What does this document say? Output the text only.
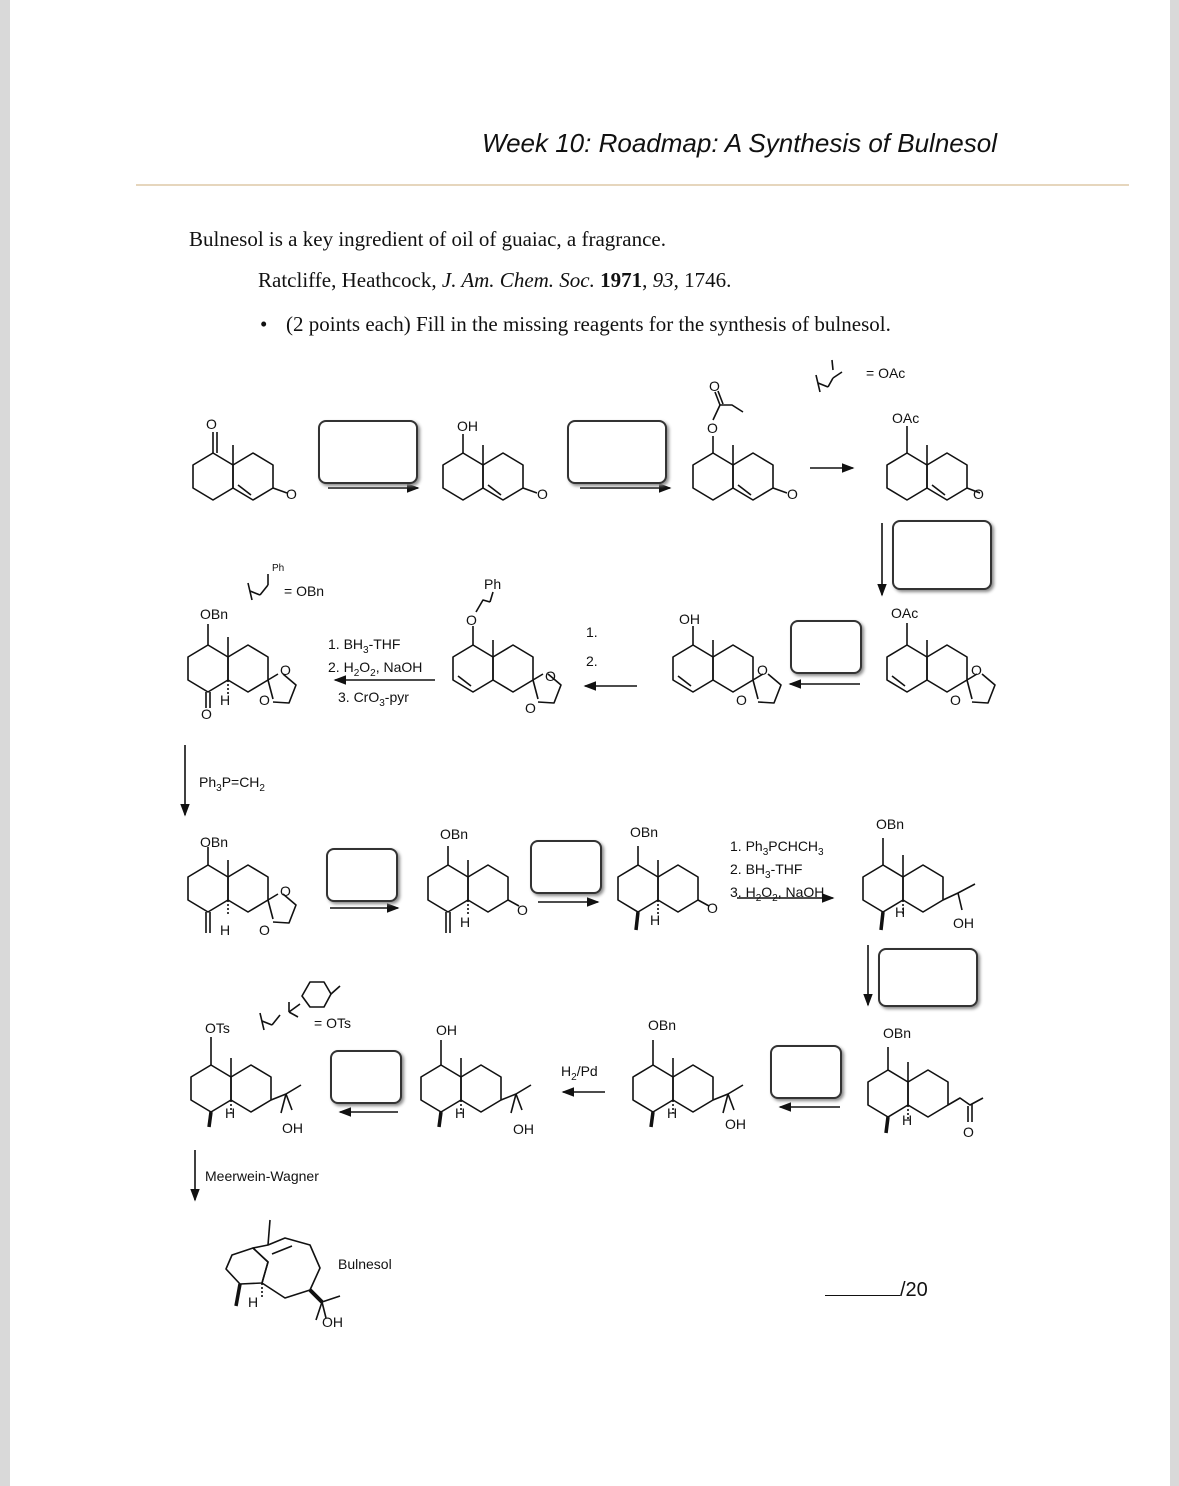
Week 10: Roadmap: A Synthesis of Bulnesol
Bulnesol is a key ingredient of oil of guaiac, a fragrance.
Ratcliffe, Heathcock, J. Am. Chem. Soc. 1971, 93, 1746.
• (2 points each) Fill in the missing reagents for the synthesis of bulnesol.
O
O
OH
O
O
O
O
OAc
O
= OAc
OAc
O
O
OH
O
O
Ph
O
O
O
OBn
H
O
O
O
Ph
= OBn
1. $BH_3$-THF
2. $H_2O_2$, NaOH
3. CrO$_3$-pyr
1.
2.
$Ph_3P=CH_2$
OBn
H
O
O
OBn
H
O
OBn
H
O
1. $Ph_3PCHCH_3$
2. $BH_3$-THF
3. $H_2O_2$, NaOH
OBn
H
OH
OBn
H
O
OBn
H
OH
$H_2/Pd$
OH
H
OH
OTs
H
OH
= OTs
Meerwein-Wagner
H
OH
Bulnesol
/20
